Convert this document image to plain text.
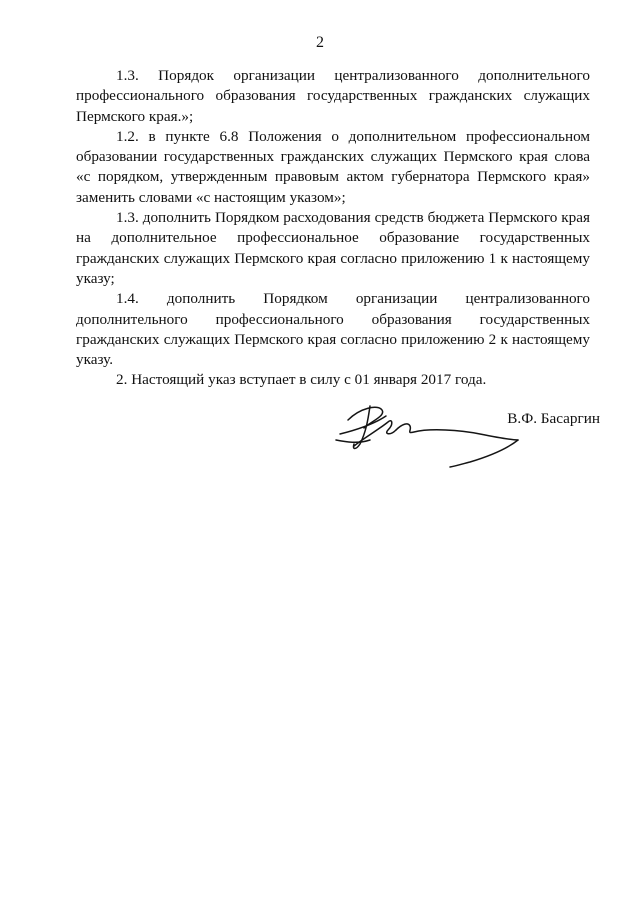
2

1.3. Порядок организации централизованного дополнительного профессионального образования государственных гражданских служащих Пермского края.»;

1.2. в пункте 6.8 Положения о дополнительном профессиональном образовании государственных гражданских служащих Пермского края слова «с порядком, утвержденным правовым актом губернатора Пермского края» заменить словами «с настоящим указом»;

1.3. дополнить Порядком расходования средств бюджета Пермского края на дополнительное профессиональное образование государственных гражданских служащих Пермского края согласно приложению 1 к настоящему указу;

1.4. дополнить Порядком организации централизованного дополнительного профессионального образования государственных гражданских служащих Пермского края согласно приложению 2 к настоящему указу.

2. Настоящий указ вступает в силу с 01 января 2017 года.

В.Ф. Басаргин
